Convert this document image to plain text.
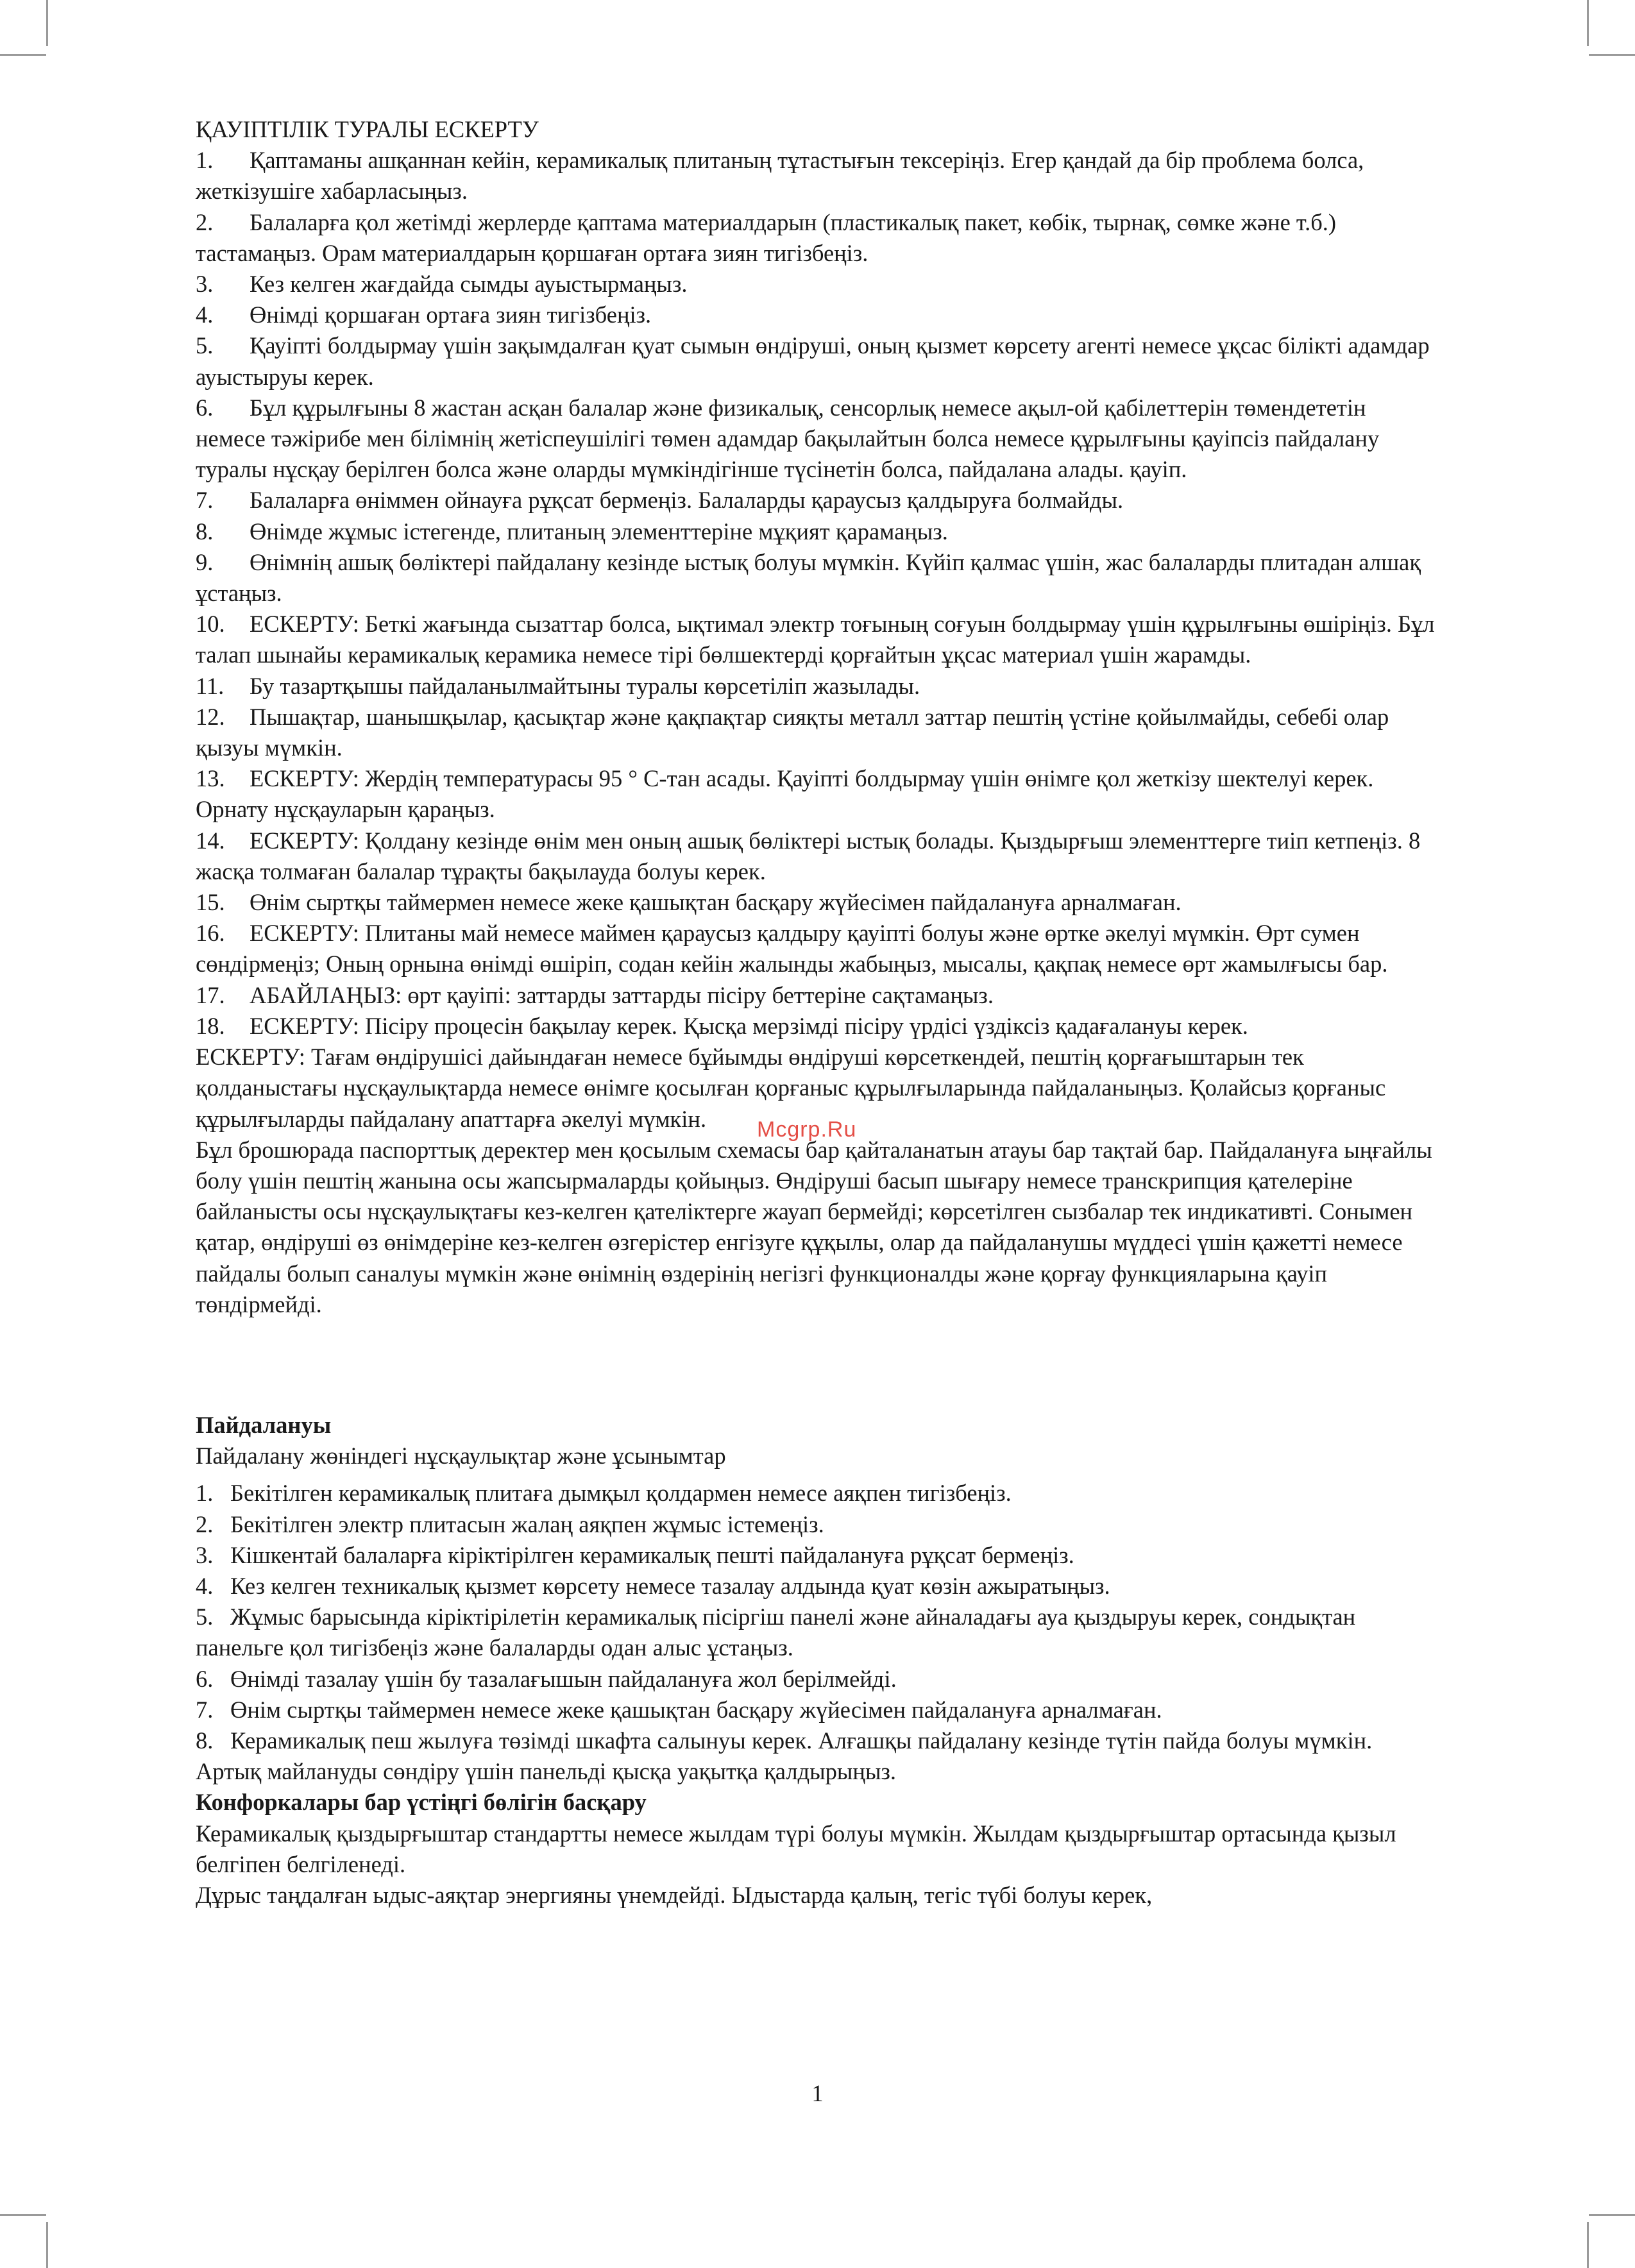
ҚАУІПТІЛІК ТУРАЛЫ ЕСКЕРТУ

1. Қаптаманы ашқаннан кейін, керамикалық плитаның тұтастығын тексеріңіз. Егер қандай да бір проблема болса, жеткізушіге хабарласыңыз.

2. Балаларға қол жетімді жерлерде қаптама материалдарын (пластикалық пакет, көбік, тырнақ, сөмке және т.б.) тастамаңыз. Орам материалдарын қоршаған ортаға зиян тигізбеңіз.

3. Кез келген жағдайда сымды ауыстырмаңыз.

4. Өнімді қоршаған ортаға зиян тигізбеңіз.

5. Қауіпті болдырмау үшін зақымдалған қуат сымын өндіруші, оның қызмет көрсету агенті немесе ұқсас білікті адамдар ауыстыруы керек.

6. Бұл құрылғыны 8 жастан асқан балалар және физикалық, сенсорлық немесе ақыл-ой қабілеттерін төмендететін немесе тәжірибе мен білімнің жетіспеушілігі төмен адамдар бақылайтын болса немесе құрылғыны қауіпсіз пайдалану туралы нұсқау берілген болса және оларды мүмкіндігінше түсінетін болса, пайдалана алады. қауіп.

7. Балаларға өніммен ойнауға рұқсат бермеңіз. Балаларды қараусыз қалдыруға болмайды.

8. Өнімде жұмыс істегенде, плитаның элементтеріне мұқият қарамаңыз.

9. Өнімнің ашық бөліктері пайдалану кезінде ыстық болуы мүмкін. Күйіп қалмас үшін, жас балаларды плитадан алшақ ұстаңыз.

10. ЕСКЕРТУ: Беткі жағында сызаттар болса, ықтимал электр тоғының соғуын болдырмау үшін құрылғыны өшіріңіз. Бұл талап шынайы керамикалық керамика немесе тірі бөлшектерді қорғайтын ұқсас материал үшін жарамды.

11. Бу тазартқышы пайдаланылмайтыны туралы көрсетіліп жазылады.

12. Пышақтар, шанышқылар, қасықтар және қақпақтар сияқты металл заттар пештің үстіне қойылмайды, себебі олар қызуы мүмкін.

13. ЕСКЕРТУ: Жердің температурасы 95 ° C-тан асады. Қауіпті болдырмау үшін өнімге қол жеткізу шектелуі керек. Орнату нұсқауларын қараңыз.

14. ЕСКЕРТУ: Қолдану кезінде өнім мен оның ашық бөліктері ыстық болады. Қыздырғыш элементтерге тиіп кетпеңіз. 8 жасқа толмаған балалар тұрақты бақылауда болуы керек.

15. Өнім сыртқы таймермен немесе жеке қашықтан басқару жүйесімен пайдалануға арналмаған.

16. ЕСКЕРТУ: Плитаны май немесе маймен қараусыз қалдыру қауіпті болуы және өртке әкелуі мүмкін. Өрт сумен сөндірмеңіз; Оның орнына өнімді өшіріп, содан кейін жалынды жабыңыз, мысалы, қақпақ немесе өрт жамылғысы бар.

17. АБАЙЛАҢЫЗ: өрт қауіпі: заттарды заттарды пісіру беттеріне сақтамаңыз.

18. ЕСКЕРТУ: Пісіру процесін бақылау керек. Қысқа мерзімді пісіру үрдісі үздіксіз қадағалануы керек.

ЕСКЕРТУ: Тағам өндірушісі дайындаған немесе бұйымды өндіруші көрсеткендей, пештің қорғағыштарын тек қолданыстағы нұсқаулықтарда немесе өнімге қосылған қорғаныс құрылғыларында пайдаланыңыз. Қолайсыз қорғаныс құрылғыларды пайдалану апаттарға әкелуі мүмкін.

Бұл брошюрада паспорттық деректер мен қосылым схемасы бар қайталанатын атауы бар тақтай бар. Пайдалануға ыңғайлы болу үшін пештің жанына осы жапсырмаларды қойыңыз. Өндіруші басып шығару немесе транскрипция қателеріне байланысты осы нұсқаулықтағы кез-келген қателіктерге жауап бермейді; көрсетілген сызбалар тек индикативті. Сонымен қатар, өндіруші өз өнімдеріне кез-келген өзгерістер енгізуге құқылы, олар да пайдаланушы мүддесі үшін қажетті немесе пайдалы болып саналуы мүмкін және өнімнің өздерінің негізгі функционалды және қорғау функцияларына қауіп төндірмейді.

Пайдалануы

Пайдалану жөніндегі нұсқаулықтар және ұсынымтар

1. Бекітілген керамикалық плитаға дымқыл қолдармен немесе аяқпен тигізбеңіз.

2. Бекітілген электр плитасын жалаң аяқпен жұмыс істемеңіз.

3. Кішкентай балаларға кіріктірілген керамикалық пешті пайдалануға рұқсат бермеңіз.

4. Кез келген техникалық қызмет көрсету немесе тазалау алдында қуат көзін ажыратыңыз.

5. Жұмыс барысында кіріктірілетін керамикалық пісіргіш панелі және айналадағы ауа қыздыруы керек, сондықтан панельге қол тигізбеңіз және балаларды одан алыс ұстаңыз.

6. Өнімді тазалау үшін бу тазалағышын пайдалануға жол берілмейді.

7. Өнім сыртқы таймермен немесе жеке қашықтан басқару жүйесімен пайдалануға арналмаған.

8. Керамикалық пеш жылуға төзімді шкафта салынуы керек. Алғашқы пайдалану кезінде түтін пайда болуы мүмкін. Артық майлануды сөндіру үшін панельді қысқа уақытқа қалдырыңыз.

Конфоркалары бар үстіңгі бөлігін басқару

Керамикалық қыздырғыштар стандартты немесе жылдам түрі болуы мүмкін. Жылдам қыздырғыштар ортасында қызыл белгіпен белгіленеді.

Дұрыс таңдалған ыдыс-аяқтар энергияны үнемдейді. Ыдыстарда қалың, тегіс түбі болуы керек,

Mcgrp.Ru
1
